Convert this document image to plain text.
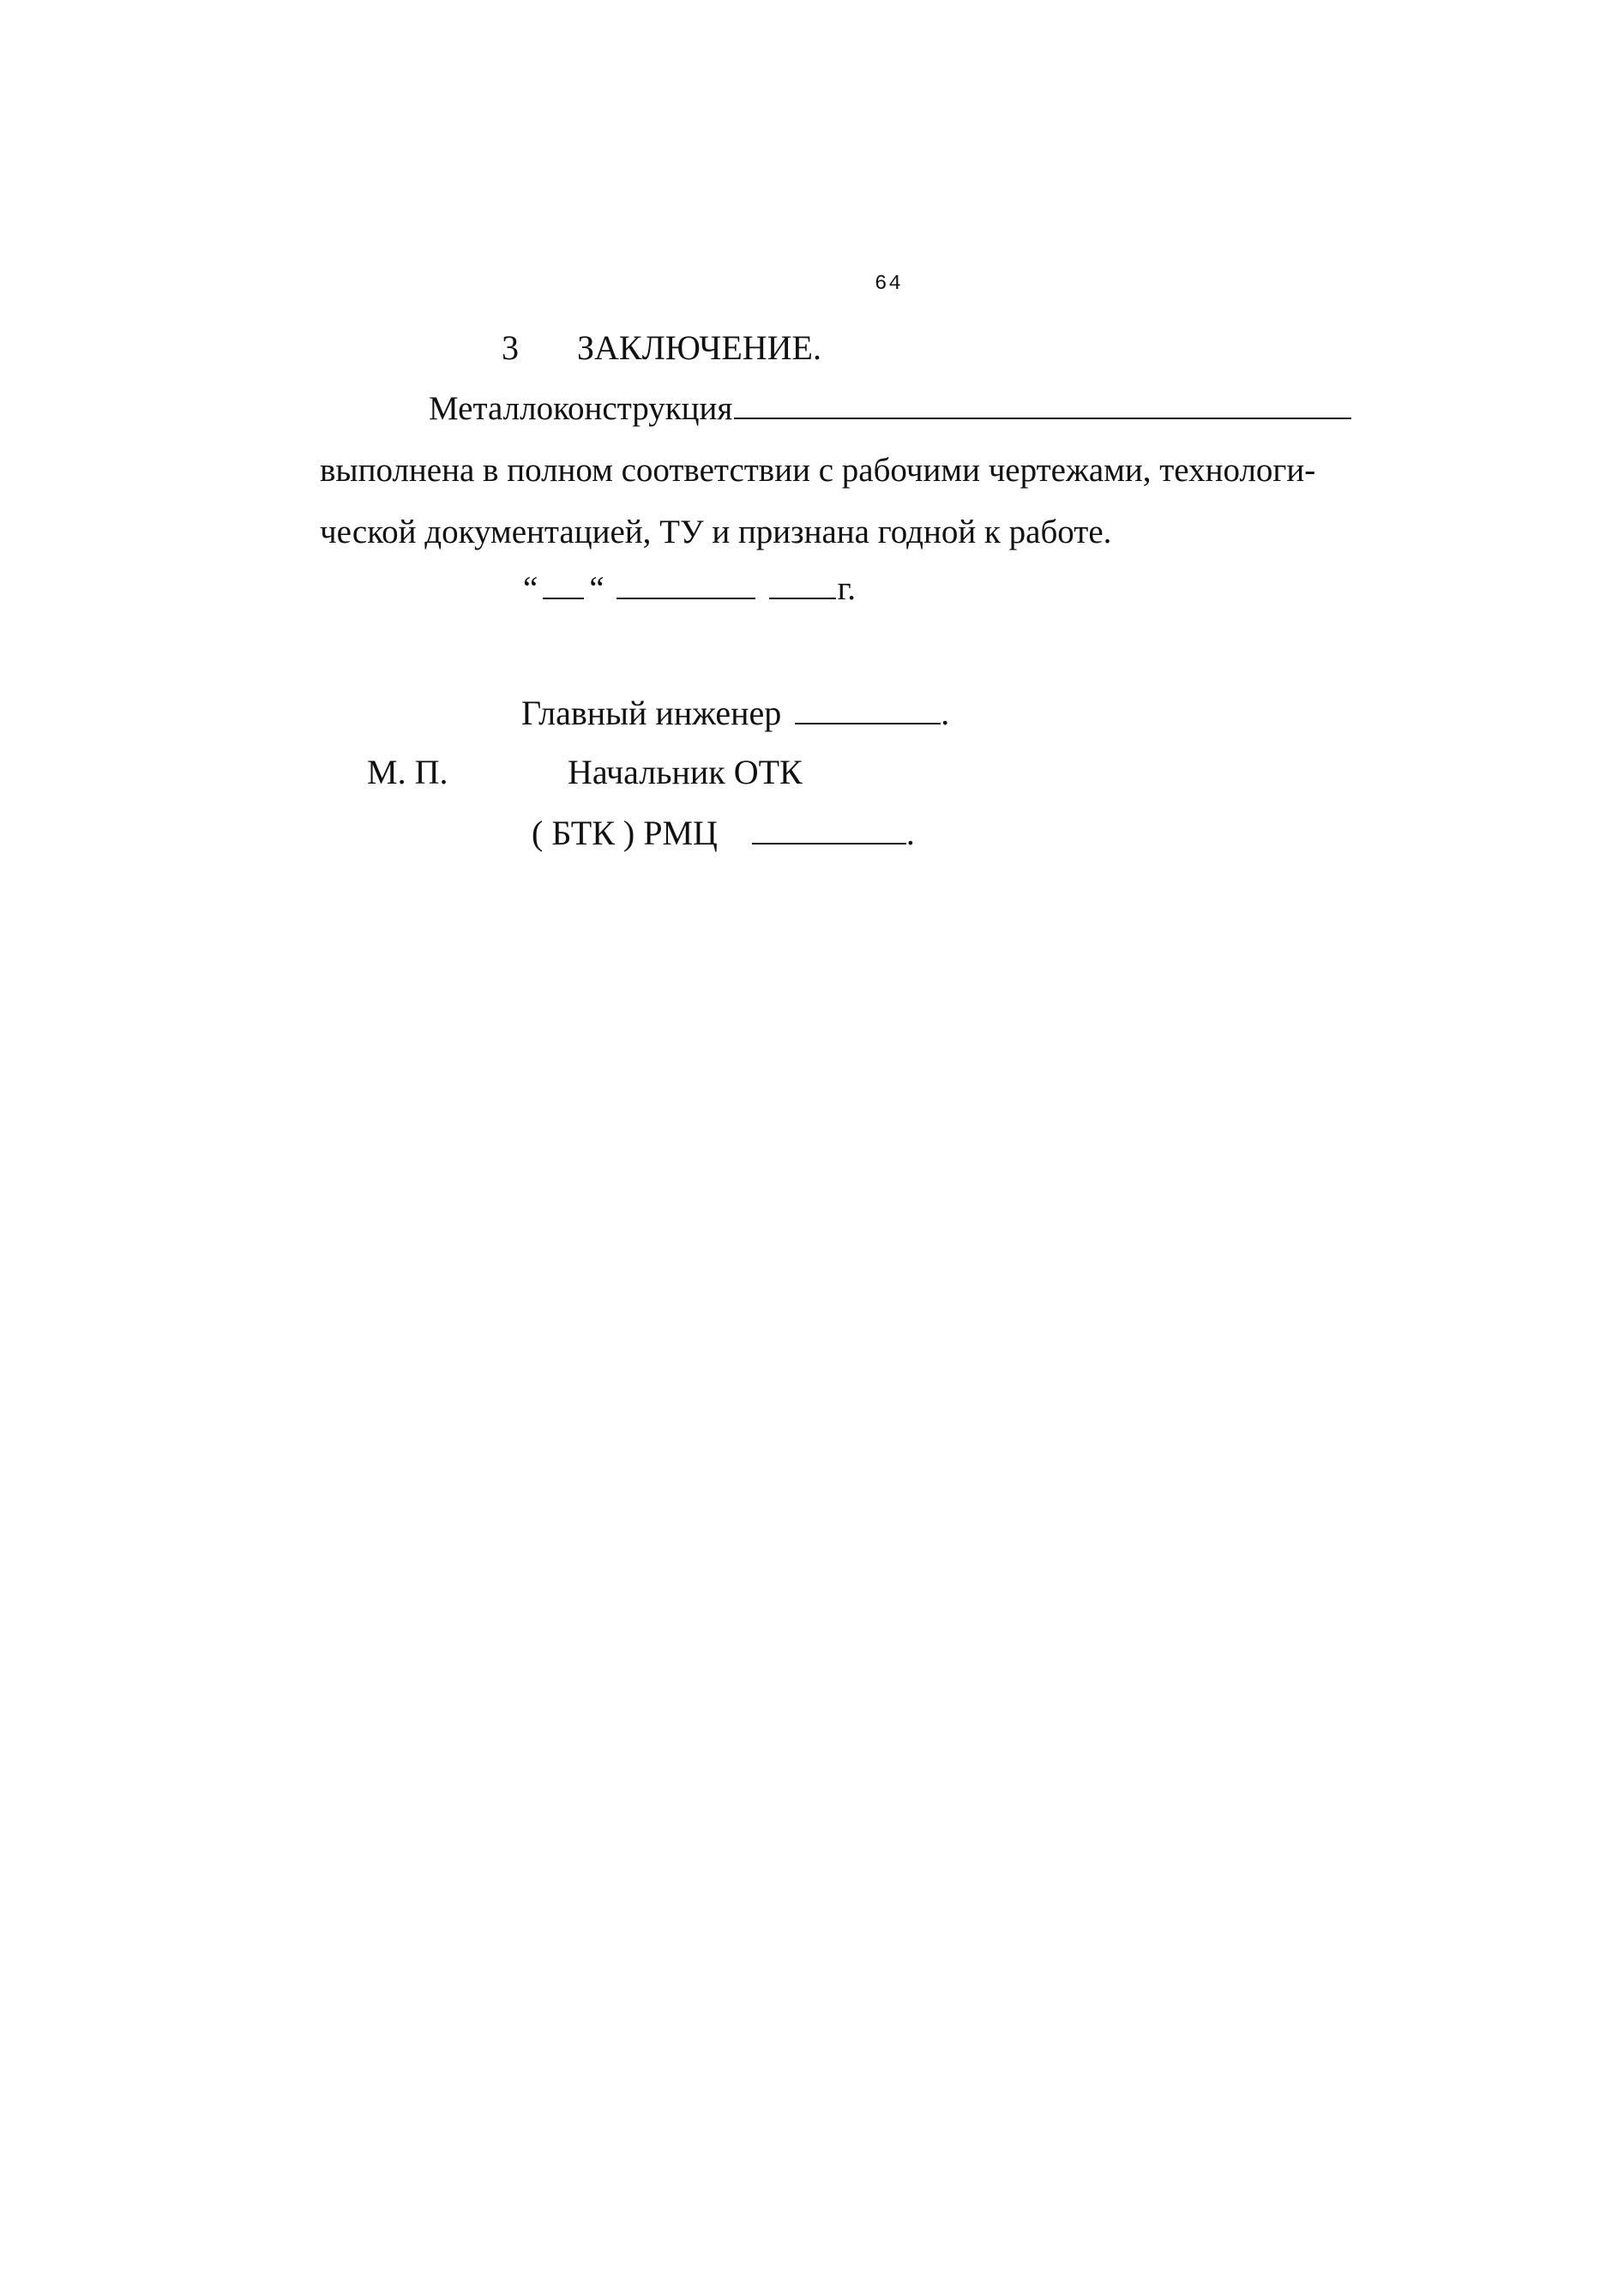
64
3 ЗАКЛЮЧЕНИЕ.
Металлоконструкция
выполнена в полном соответствии с рабочими чертежами, технологи-
ческой документацией, ТУ и признана годной к работе.
“ “	г.
Главный инженер	.
М. П.	Начальник ОТК
( БТК ) РМЦ	.
